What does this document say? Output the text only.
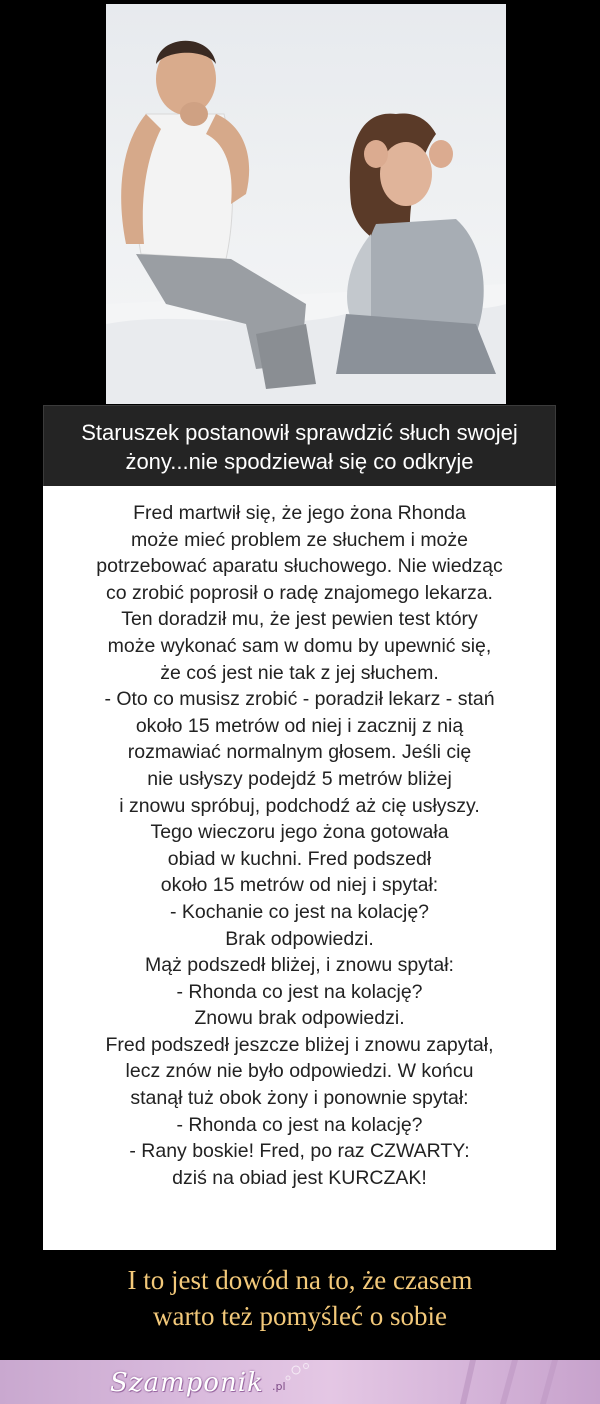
Staruszek postanowił sprawdzić słuch swojej
żony...nie spodziewał się co odkryje
Fred martwił się, że jego żona Rhonda
może mieć problem ze słuchem i może
potrzebować aparatu słuchowego. Nie wiedząc
co zrobić poprosił o radę znajomego lekarza.
Ten doradził mu, że jest pewien test który
może wykonać sam w domu by upewnić się,
że coś jest nie tak z jej słuchem.
- Oto co musisz zrobić - poradził lekarz - stań
około 15 metrów od niej i zacznij z nią
rozmawiać normalnym głosem. Jeśli cię
nie usłyszy podejdź 5 metrów bliżej
i znowu spróbuj, podchodź aż cię usłyszy.
Tego wieczoru jego żona gotowała
obiad w kuchni. Fred podszedł
około 15 metrów od niej i spytał:
- Kochanie co jest na kolację?
Brak odpowiedzi.
Mąż podszedł bliżej, i znowu spytał:
- Rhonda co jest na kolację?
Znowu brak odpowiedzi.
Fred podszedł jeszcze bliżej i znowu zapytał,
lecz znów nie było odpowiedzi. W końcu
stanął tuż obok żony i ponownie spytał:
- Rhonda co jest na kolację?
- Rany boskie! Fred, po raz CZWARTY:
dziś na obiad jest KURCZAK!
I to jest dowód na to, że czasem
warto też pomyśleć o sobie
Szamponik .pl
